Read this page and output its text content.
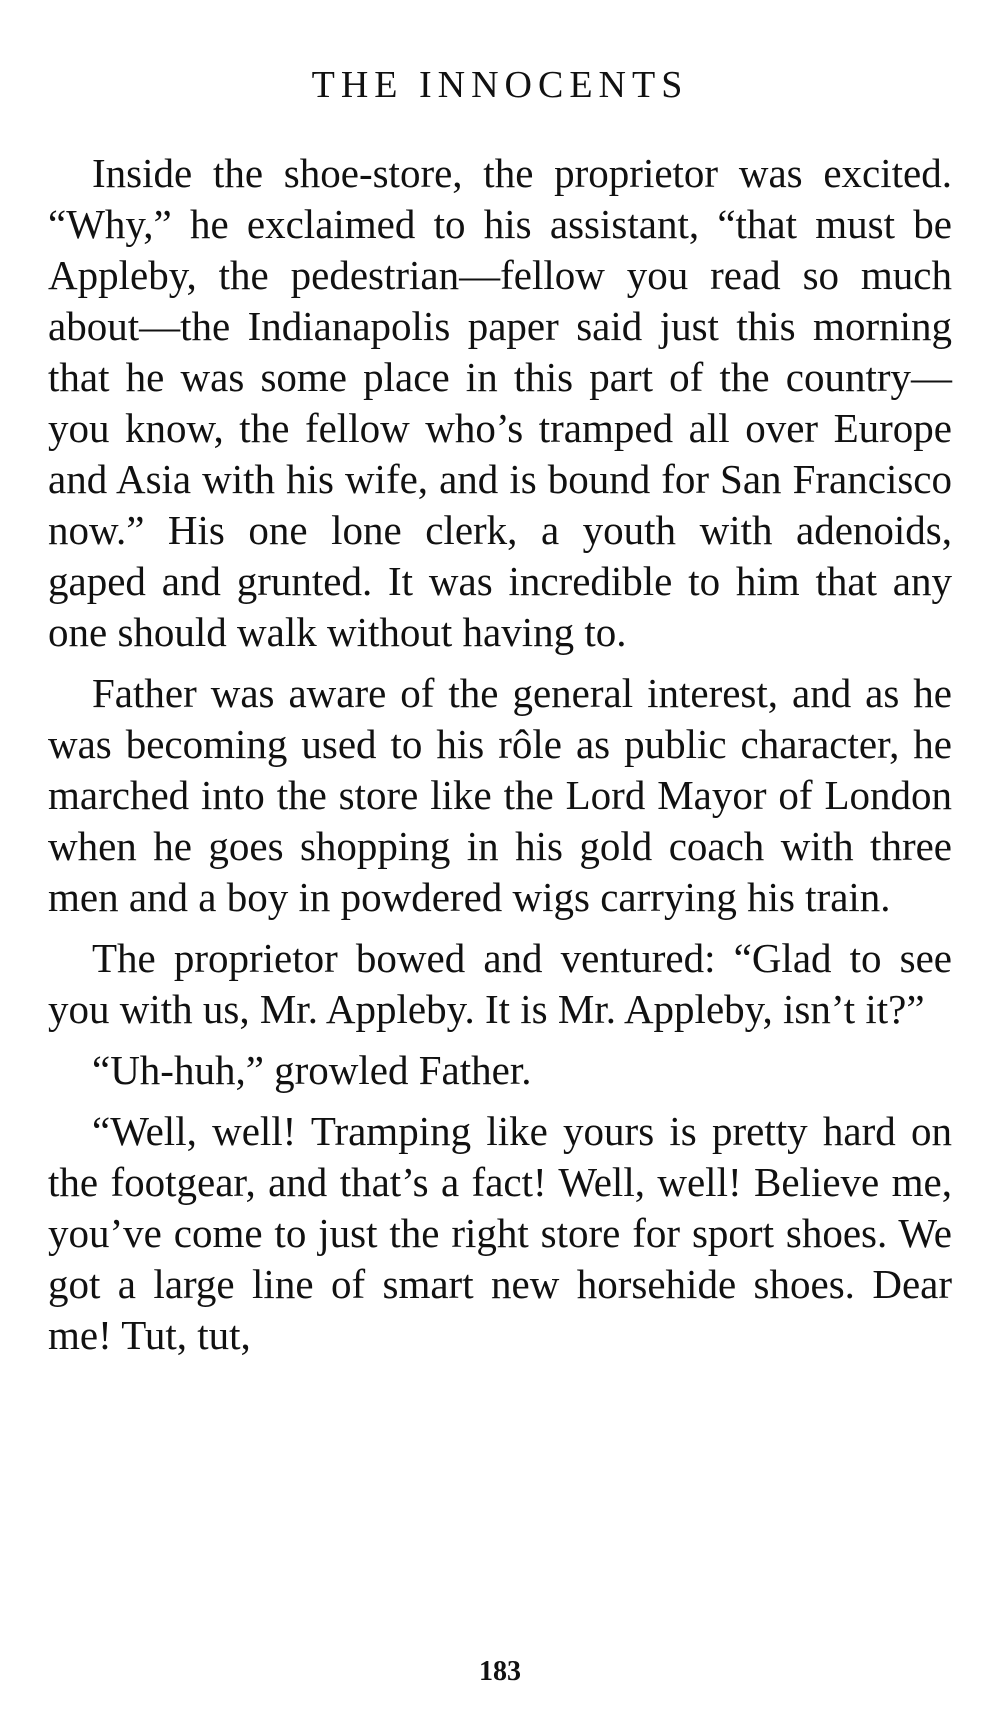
THE INNOCENTS

Inside the shoe-store, the proprietor was excited. “Why,” he exclaimed to his assistant, “that must be Appleby, the pedestrian—fellow you read so much about—the Indianapolis paper said just this morning that he was some place in this part of the country—you know, the fellow who’s tramped all over Europe and Asia with his wife, and is bound for San Francisco now.” His one lone clerk, a youth with adenoids, gaped and grunted. It was incredible to him that any one should walk without having to.

Father was aware of the general interest, and as he was becoming used to his rôle as public character, he marched into the store like the Lord Mayor of London when he goes shopping in his gold coach with three men and a boy in powdered wigs carrying his train.

The proprietor bowed and ventured: “Glad to see you with us, Mr. Appleby. It is Mr. Appleby, isn’t it?”

“Uh-huh,” growled Father.

“Well, well! Tramping like yours is pretty hard on the footgear, and that’s a fact! Well, well! Believe me, you’ve come to just the right store for sport shoes. We got a large line of smart new horsehide shoes. Dear me! Tut, tut,

183
